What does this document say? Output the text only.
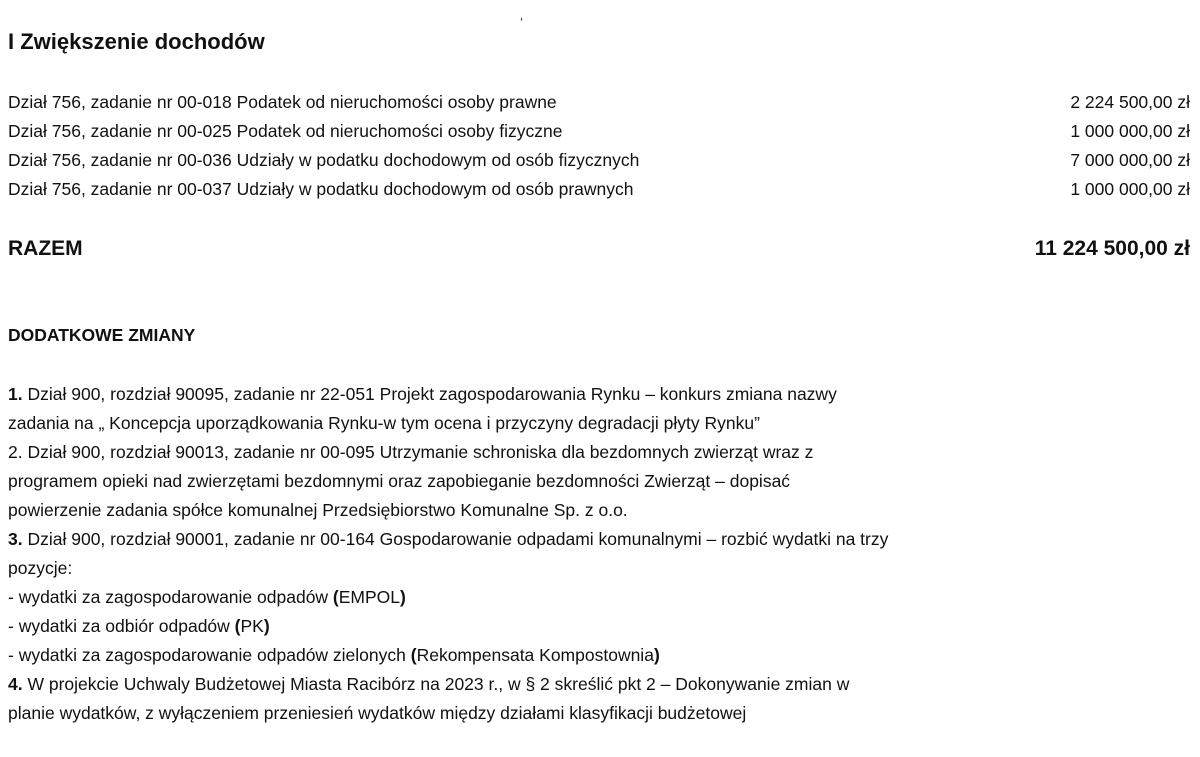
‘
I Zwiększenie dochodów
Dział 756, zadanie nr 00-018 Podatek od nieruchomości osoby prawne	2 224 500,00 zł
Dział 756, zadanie nr 00-025 Podatek od nieruchomości osoby fizyczne	1 000 000,00 zł
Dział 756, zadanie nr 00-036 Udziały w podatku dochodowym od osób fizycznych	7 000 000,00 zł
Dział 756, zadanie nr 00-037 Udziały w podatku dochodowym od osób prawnych	1 000 000,00 zł
RAZEM	11 224 500,00 zł
DODATKOWE ZMIANY
1. Dział 900, rozdział 90095, zadanie nr 22-051 Projekt zagospodarowania Rynku – konkurs zmiana nazwy
zadania na „ Koncepcja uporządkowania Rynku-w tym ocena i przyczyny degradacji płyty Rynku”
2. Dział 900, rozdział 90013, zadanie nr 00-095 Utrzymanie schroniska dla bezdomnych zwierząt wraz z
programem opieki nad zwierzętami bezdomnymi oraz zapobieganie bezdomności Zwierząt – dopisać
powierzenie zadania spółce komunalnej Przedsiębiorstwo Komunalne Sp. z o.o.
3. Dział 900, rozdział 90001, zadanie nr 00-164 Gospodarowanie odpadami komunalnymi – rozbić wydatki na trzy
pozycje:
- wydatki za zagospodarowanie odpadów (EMPOL)
- wydatki za odbiór odpadów (PK)
- wydatki za zagospodarowanie odpadów zielonych (Rekompensata Kompostownia)
4. W projekcie Uchwaly Budżetowej Miasta Racibórz na 2023 r., w § 2 skreślić pkt 2 – Dokonywanie zmian w
planie wydatków, z wyłączeniem przeniesień wydatków między działami klasyfikacji budżetowej
